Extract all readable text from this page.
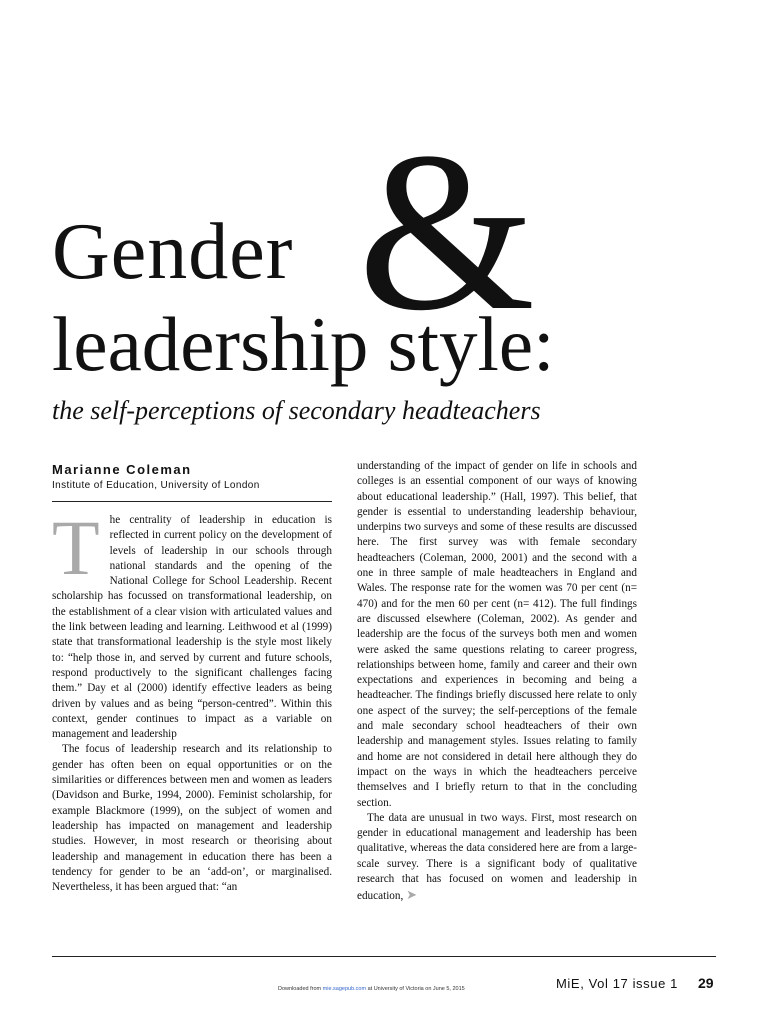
&
Gender
leadership style:
the self-perceptions of secondary headteachers

Marianne Coleman

Institute of Education, University of London

The centrality of leadership in education is reflected in current policy on the development of levels of leadership in our schools through national standards and the opening of the National College for School Leadership. Recent scholarship has focussed on transformational leadership, on the establishment of a clear vision with articulated values and the link between leading and learning. Leithwood et al (1999) state that transformational leadership is the style most likely to: “help those in, and served by current and future schools, respond productively to the significant challenges facing them.” Day et al (2000) identify effective leaders as being driven by values and as being “person-centred”. Within this context, gender continues to impact as a variable on management and leadership

The focus of leadership research and its relationship to gender has often been on equal opportunities or on the similarities or differences between men and women as leaders (Davidson and Burke, 1994, 2000). Feminist scholarship, for example Blackmore (1999), on the subject of women and leadership has impacted on management and leadership studies. However, in most research or theorising about leadership and management in education there has been a tendency for gender to be an ‘add-on’, or marginalised. Nevertheless, it has been argued that: “an

understanding of the impact of gender on life in schools and colleges is an essential component of our ways of knowing about educational leadership.” (Hall, 1997). This belief, that gender is essential to understanding leadership behaviour, underpins two surveys and some of these results are discussed here. The first survey was with female secondary headteachers (Coleman, 2000, 2001) and the second with a one in three sample of male headteachers in England and Wales. The response rate for the women was 70 per cent (n= 470) and for the men 60 per cent (n= 412). The full findings are discussed elsewhere (Coleman, 2002). As gender and leadership are the focus of the surveys both men and women were asked the same questions relating to career progress, relationships between home, family and career and their own expectations and experiences in becoming and being a headteacher. The findings briefly discussed here relate to only one aspect of the survey; the self-perceptions of the female and male secondary school headteachers of their own leadership and management styles. Issues relating to family and home are not considered in detail here although they do impact on the ways in which the headteachers perceive themselves and I briefly return to that in the concluding section.

The data are unusual in two ways. First, most research on gender in educational management and leadership has been qualitative, whereas the data considered here are from a large-scale survey. There is a significant body of qualitative research that has focused on women and leadership in education, ➤

Downloaded from mie.sagepub.com at University of Victoria on June 5, 2015	MiE, Vol 17 issue 1 29
